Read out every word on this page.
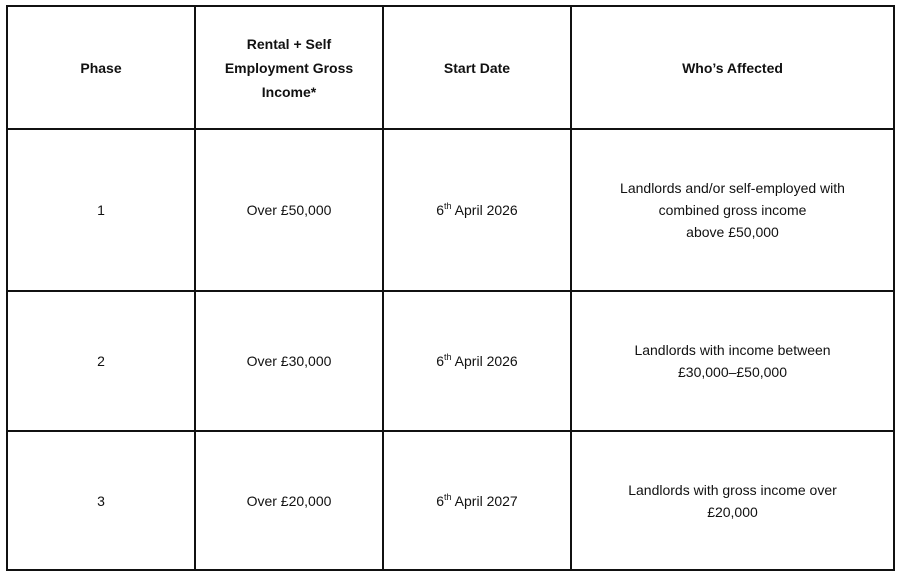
Phase	Rental + Self
Employment Gross
Income*	Start Date	Who’s Affected
1	Over £50,000	6th April 2026	Landlords and/or self-employed with
combined gross income
above £50,000

2	Over £30,000	6th April 2026	Landlords with income between
£30,000–£50,000

3	Over £20,000	6th April 2027	Landlords with gross income over
£20,000
